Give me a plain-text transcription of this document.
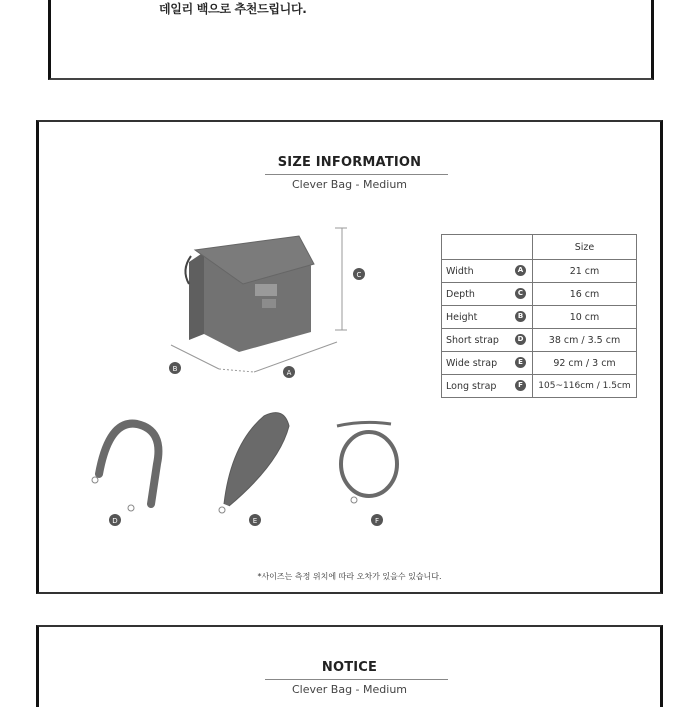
데일리 백으로 추천드립니다.
SIZE INFORMATION
Clever Bag - Medium
C
B	A
	Size
Width A	21 cm
Depth C	16 cm
Height B	10 cm
Short strap D	38 cm / 3.5 cm
Wide strap E	92 cm / 3 cm
Long strap F	105~116cm / 1.5cm
D	E	F
*사이즈는 측정 위치에 따라 오차가 있을수 있습니다.
NOTICE
Clever Bag - Medium
